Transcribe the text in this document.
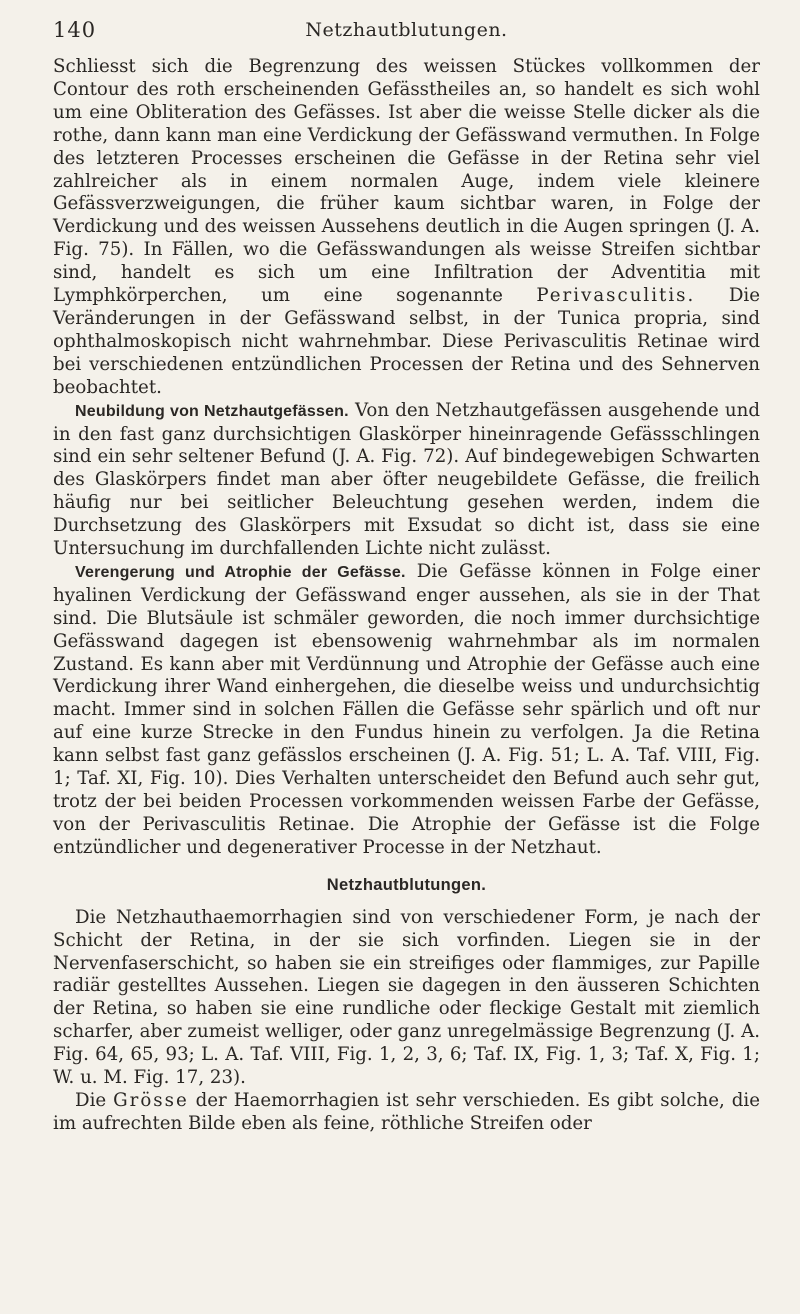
140	Netzhautblutungen.

Schliesst sich die Begrenzung des weissen Stückes vollkommen der Contour des roth erscheinenden Gefässtheiles an, so handelt es sich wohl um eine Obliteration des Gefässes. Ist aber die weisse Stelle dicker als die rothe, dann kann man eine Verdickung der Gefässwand vermuthen. In Folge des letzteren Processes erscheinen die Gefässe in der Retina sehr viel zahlreicher als in einem normalen Auge, indem viele kleinere Gefässverzweigungen, die früher kaum sichtbar waren, in Folge der Verdickung und des weissen Aussehens deutlich in die Augen springen (J. A. Fig. 75). In Fällen, wo die Gefässwandungen als weisse Streifen sichtbar sind, handelt es sich um eine Infiltration der Adventitia mit Lymphkörperchen, um eine sogenannte Perivasculitis. Die Veränderungen in der Gefässwand selbst, in der Tunica propria, sind ophthalmoskopisch nicht wahrnehmbar. Diese Perivasculitis Retinae wird bei verschiedenen entzündlichen Processen der Retina und des Sehnerven beobachtet.

Neubildung von Netzhautgefässen. Von den Netzhautgefässen ausgehende und in den fast ganz durchsichtigen Glaskörper hineinragende Gefässschlingen sind ein sehr seltener Befund (J. A. Fig. 72). Auf bindegewebigen Schwarten des Glaskörpers findet man aber öfter neugebildete Gefässe, die freilich häufig nur bei seitlicher Beleuchtung gesehen werden, indem die Durchsetzung des Glaskörpers mit Exsudat so dicht ist, dass sie eine Untersuchung im durchfallenden Lichte nicht zulässt.

Verengerung und Atrophie der Gefässe. Die Gefässe können in Folge einer hyalinen Verdickung der Gefässwand enger aussehen, als sie in der That sind. Die Blutsäule ist schmäler geworden, die noch immer durchsichtige Gefässwand dagegen ist ebensowenig wahrnehmbar als im normalen Zustand. Es kann aber mit Verdünnung und Atrophie der Gefässe auch eine Verdickung ihrer Wand einhergehen, die dieselbe weiss und undurchsichtig macht. Immer sind in solchen Fällen die Gefässe sehr spärlich und oft nur auf eine kurze Strecke in den Fundus hinein zu verfolgen. Ja die Retina kann selbst fast ganz gefässlos erscheinen (J. A. Fig. 51; L. A. Taf. VIII, Fig. 1; Taf. XI, Fig. 10). Dies Verhalten unterscheidet den Befund auch sehr gut, trotz der bei beiden Processen vorkommenden weissen Farbe der Gefässe, von der Perivasculitis Retinae. Die Atrophie der Gefässe ist die Folge entzündlicher und degenerativer Processe in der Netzhaut.

Netzhautblutungen.

Die Netzhauthaemorrhagien sind von verschiedener Form, je nach der Schicht der Retina, in der sie sich vorfinden. Liegen sie in der Nervenfaserschicht, so haben sie ein streifiges oder flammiges, zur Papille radiär gestelltes Aussehen. Liegen sie dagegen in den äusseren Schichten der Retina, so haben sie eine rundliche oder fleckige Gestalt mit ziemlich scharfer, aber zumeist welliger, oder ganz unregelmässige Begrenzung (J. A. Fig. 64, 65, 93; L. A. Taf. VIII, Fig. 1, 2, 3, 6; Taf. IX, Fig. 1, 3; Taf. X, Fig. 1; W. u. M. Fig. 17, 23).

Die Grösse der Haemorrhagien ist sehr verschieden. Es gibt solche, die im aufrechten Bilde eben als feine, röthliche Streifen oder
